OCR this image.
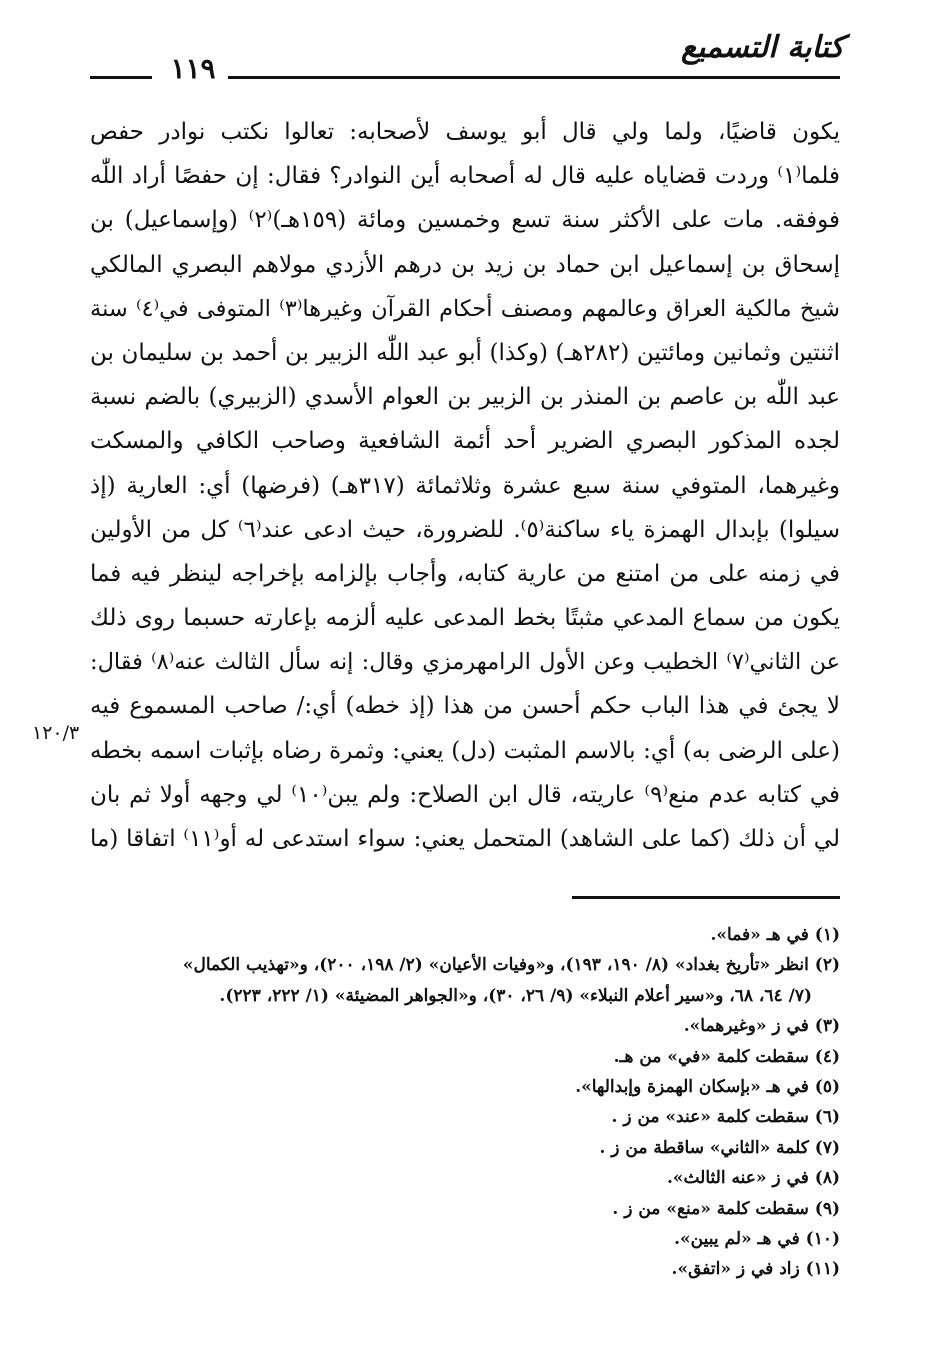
كتابة التسميع
١١٩
يكون قاضيًا، ولما ولي قال أبو يوسف لأصحابه: تعالوا نكتب نوادر حفص
فلما⁽١⁾ وردت قضاياه عليه قال له أصحابه أين النوادر؟ فقال: إن حفصًا أراد اللّٰه
فوفقه. مات على الأكثر سنة تسع وخمسين ومائة (١٥٩هـ)⁽٢⁾ (وإسماعيل) بن
إسحاق بن إسماعيل ابن حماد بن زيد بن درهم الأزدي مولاهم البصري المالكي
شيخ مالكية العراق وعالمهم ومصنف أحكام القرآن وغيرها⁽٣⁾ المتوفى في⁽٤⁾ سنة
اثنتين وثمانين ومائتين (٢٨٢هـ) (وكذا) أبو عبد اللّٰه الزبير بن أحمد بن سليمان بن
عبد اللّٰه بن عاصم بن المنذر بن الزبير بن العوام الأسدي (الزبيري) بالضم نسبة
لجده المذكور البصري الضرير أحد أئمة الشافعية وصاحب الكافي والمسكت
وغيرهما، المتوفي سنة سبع عشرة وثلاثمائة (٣١٧هـ) (فرضها) أي: العارية (إذ
سيلوا) بإبدال الهمزة ياء ساكنة⁽٥⁾. للضرورة، حيث ادعى عند⁽٦⁾ كل من الأولين
في زمنه على من امتنع من عارية كتابه، وأجاب بإلزامه بإخراجه لينظر فيه فما
يكون من سماع المدعي مثبتًا بخط المدعى عليه ألزمه بإعارته حسبما روى ذلك
عن الثاني⁽٧⁾ الخطيب وعن الأول الرامهرمزي وقال: إنه سأل الثالث عنه⁽٨⁾ فقال:
لا يجئ في هذا الباب حكم أحسن من هذا (إذ خطه) أي:/ صاحب المسموع فيه
(على الرضى به) أي: بالاسم المثبت (دل) يعني: وثمرة رضاه بإثبات اسمه بخطه
في كتابه عدم منع⁽٩⁾ عاريته، قال ابن الصلاح: ولم يبن⁽١٠⁾ لي وجهه أولا ثم بان
لي أن ذلك (كما على الشاهد) المتحمل يعني: سواء استدعى له أو⁽١١⁾ اتفاقا (ما
١٢٠/٣
(١) في هـ «فما».
(٢) انظر «تأريخ بغداد» (٨/ ١٩٠، ١٩٣)، و«وفيات الأعيان» (٢/ ١٩٨، ٢٠٠)، و«تهذيب الكمال»
(٧/ ٦٤، ٦٨، و«سير أعلام النبلاء» (٩/ ٢٦، ٣٠)، و«الجواهر المضيئة» (١/ ٢٢٢، ٢٢٣).
(٣) في ز «وغيرهما».
(٤) سقطت كلمة «في» من هـ.
(٥) في هـ «بإسكان الهمزة وإبدالها».
(٦) سقطت كلمة «عند» من ز .
(٧) كلمة «الثاني» ساقطة من ز .
(٨) في ز «عنه الثالث».
(٩) سقطت كلمة «منع» من ز .
(١٠) في هـ «لم يبين».
(١١) زاد في ز «اتفق».
